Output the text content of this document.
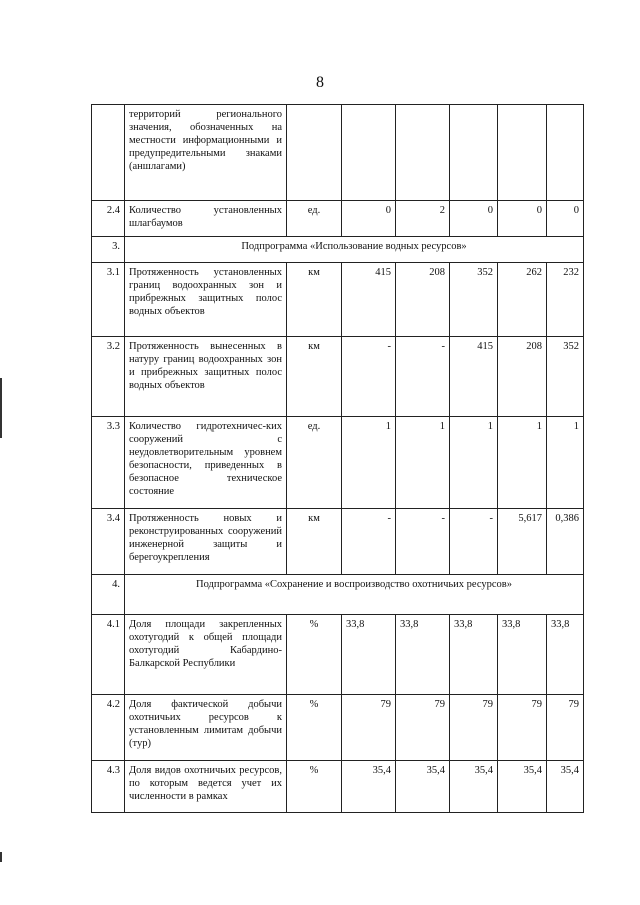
8
	территорий регионального значения, обозначенных на местности информационными и предупредительными знаками (аншлагами)						
2.4	Количество установленных шлагбаумов	ед.	0	2	0	0	0
3.	Подпрограмма «Использование водных ресурсов»						
3.1	Протяженность установленных границ водоохранных зон и прибрежных защитных полос водных объектов	км	415	208	352	262	232
3.2	Протяженность вынесенных в натуру границ водоохранных зон и прибрежных защитных полос водных объектов	км	-	-	415	208	352
3.3	Количество гидротехничес-ких сооружений с неудовлетворительным уровнем безопасности, приведенных в безопасное техническое состояние	ед.	1	1	1	1	1
3.4	Протяженность новых и реконструированных сооружений инженерной защиты и берегоукрепления	км	-	-	-	5,617	0,386
4.	Подпрограмма «Сохранение и воспроизводство охотничьих ресурсов»						
4.1	Доля площади закрепленных охотугодий к общей площади охотугодий Кабардино-Балкарской Республики	%	33,8	33,8	33,8	33,8	33,8
4.2	Доля фактической добычи охотничьих ресурсов к установленным лимитам добычи (тур)	%	79	79	79	79	79
4.3	Доля видов охотничьих ресурсов, по которым ведется учет их численности в рамках	%	35,4	35,4	35,4	35,4	35,4
